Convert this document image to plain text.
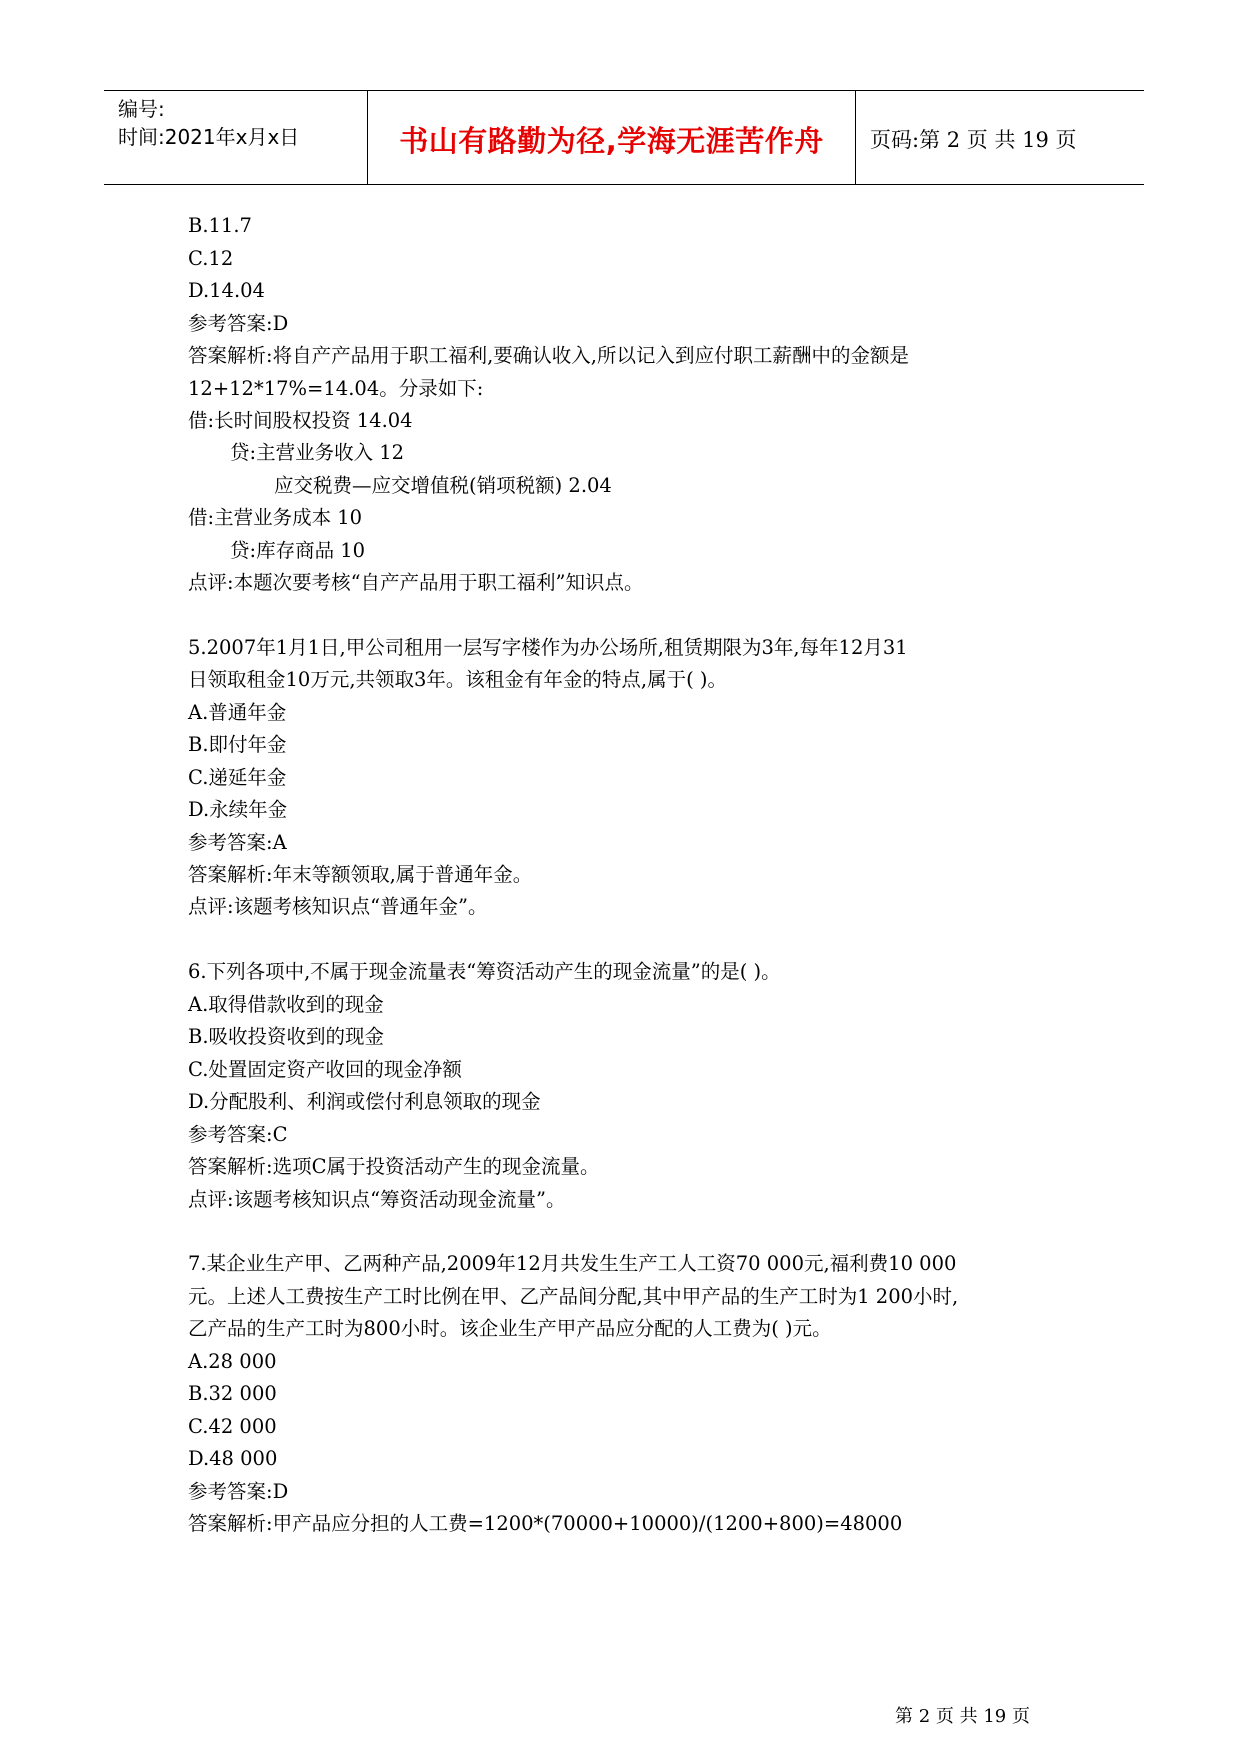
编号:
时间:2021年x月x日	书山有路勤为径,学海无涯苦作舟	页码:第 2 页 共 19 页
B.11.7
C.12
D.14.04
参考答案:D
答案解析:将自产产品用于职工福利,要确认收入,所以记入到应付职工薪酬中的金额是
12+12*17%=14.04。分录如下:
借:长时间股权投资 14.04
贷:主营业务收入 12
应交税费—应交增值税(销项税额) 2.04
借:主营业务成本 10
贷:库存商品 10
点评:本题次要考核“自产产品用于职工福利”知识点。
5.2007年1月1日,甲公司租用一层写字楼作为办公场所,租赁期限为3年,每年12月31
日领取租金10万元,共领取3年。该租金有年金的特点,属于( )。
A.普通年金
B.即付年金
C.递延年金
D.永续年金
参考答案:A
答案解析:年末等额领取,属于普通年金。
点评:该题考核知识点“普通年金”。
6.下列各项中,不属于现金流量表“筹资活动产生的现金流量”的是( )。
A.取得借款收到的现金
B.吸收投资收到的现金
C.处置固定资产收回的现金净额
D.分配股利、利润或偿付利息领取的现金
参考答案:C
答案解析:选项C属于投资活动产生的现金流量。
点评:该题考核知识点“筹资活动现金流量”。
7.某企业生产甲、乙两种产品,2009年12月共发生生产工人工资70 000元,福利费10 000
元。上述人工费按生产工时比例在甲、乙产品间分配,其中甲产品的生产工时为1 200小时,
乙产品的生产工时为800小时。该企业生产甲产品应分配的人工费为( )元。
A.28 000
B.32 000
C.42 000
D.48 000
参考答案:D
答案解析:甲产品应分担的人工费=1200*(70000+10000)/(1200+800)=48000
第 2 页 共 19 页
